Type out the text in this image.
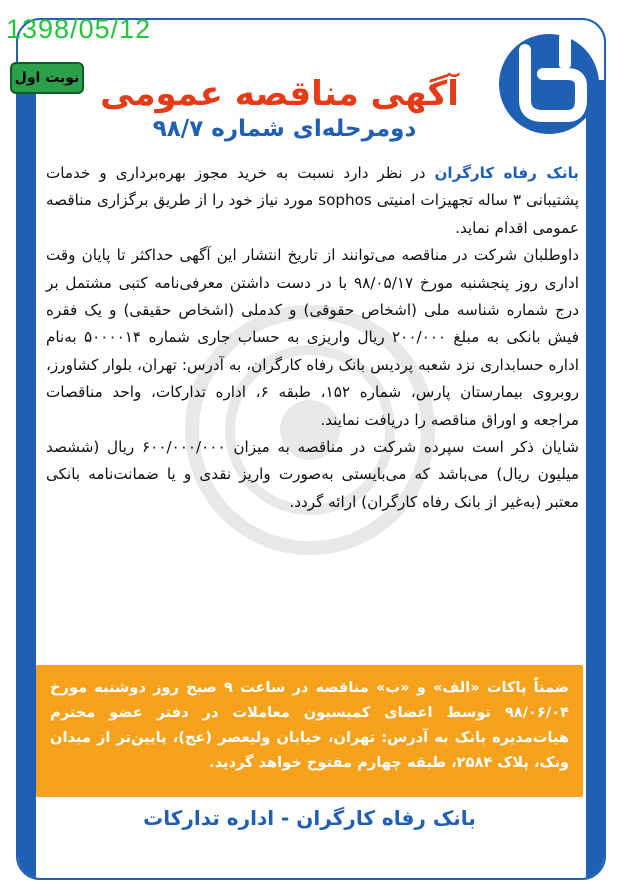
1398/05/12
نوبت اول آگهی مناقصه عمومی
دومرحله‌ای شماره ۹۸/۷

بانک رفاه کارگران در نظر دارد نسبت به خرید مجوز بهره‌برداری و خدمات پشتیبانی ۳ ساله تجهیزات امنیتی sophos مورد نیاز خود را از طریق برگزاری مناقصه عمومی اقدام نماید.

داوطلبان شرکت در مناقصه می‌توانند از تاریخ انتشار این آگهی حداکثر تا پایان وقت اداری روز پنجشنبه مورخ ۹۸/۰۵/۱۷ با در دست داشتن معرفی‌نامه کتبی مشتمل بر درج شماره شناسه ملی (اشخاص حقوقی) و کدملی (اشخاص حقیقی) و یک فقره فیش بانکی به مبلغ ۲۰۰/۰۰۰ ریال واریزی به حساب جاری شماره ۵۰۰۰۰۱۴ به‌نام اداره حسابداری نزد شعبه پردیس بانک رفاه کارگران، به آدرس: تهران، بلوار کشاورز، روبروی بیمارستان پارس، شماره ۱۵۲، طبقه ۶، اداره تدارکات، واحد مناقصات مراجعه و اوراق مناقصه را دریافت نمایند.

شایان ذکر است سپرده شرکت در مناقصه به میزان ۶۰۰/۰۰۰/۰۰۰ ریال (ششصد میلیون ریال) می‌باشد که می‌بایستی به‌صورت واریز نقدی و یا ضمانت‌نامه بانکی معتبر (به‌غیر از بانک رفاه کارگران) ارائه گردد.

ضمناً پاکات «الف» و «ب» مناقصه در ساعت ۹ صبح روز دوشنبه مورخ ۹۸/۰۶/۰۴ توسط اعضای کمیسیون معاملات در دفتر عضو محترم هیات‌مدیره بانک به آدرس: تهران، خیابان ولیعصر (عج)، پایین‌تر از میدان ونک، پلاک ۲۵۸۴، طبقه چهارم مفتوح خواهد گردید.
بانک رفاه کارگران - اداره تدارکات
